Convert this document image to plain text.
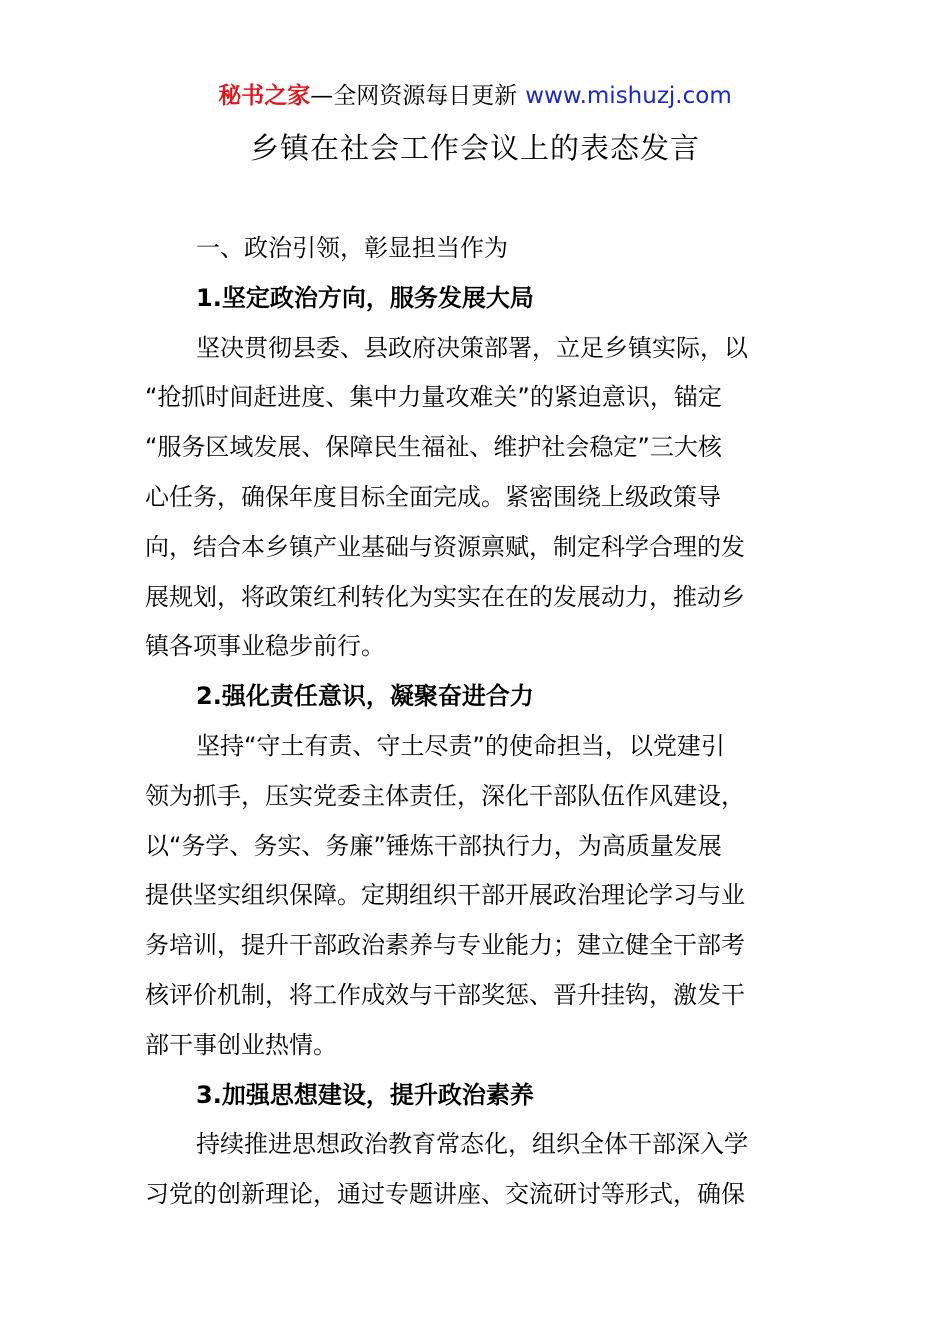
秘书之家—全网资源每日更新 www.mishuzj.com
乡镇在社会工作会议上的表态发言
一、政治引领，彰显担当作为
1.坚定政治方向，服务发展大局
坚决贯彻县委、县政府决策部署，立足乡镇实际，以
“抢抓时间赶进度、集中力量攻难关”的紧迫意识，锚定
“服务区域发展、保障民生福祉、维护社会稳定”三大核
心任务，确保年度目标全面完成。紧密围绕上级政策导
向，结合本乡镇产业基础与资源禀赋，制定科学合理的发
展规划，将政策红利转化为实实在在的发展动力，推动乡
镇各项事业稳步前行。
2.强化责任意识，凝聚奋进合力
坚持“守土有责、守土尽责”的使命担当，以党建引
领为抓手，压实党委主体责任，深化干部队伍作风建设，
以“务学、务实、务廉”锤炼干部执行力，为高质量发展
提供坚实组织保障。定期组织干部开展政治理论学习与业
务培训，提升干部政治素养与专业能力；建立健全干部考
核评价机制，将工作成效与干部奖惩、晋升挂钩，激发干
部干事创业热情。
3.加强思想建设，提升政治素养
持续推进思想政治教育常态化，组织全体干部深入学
习党的创新理论，通过专题讲座、交流研讨等形式，确保
